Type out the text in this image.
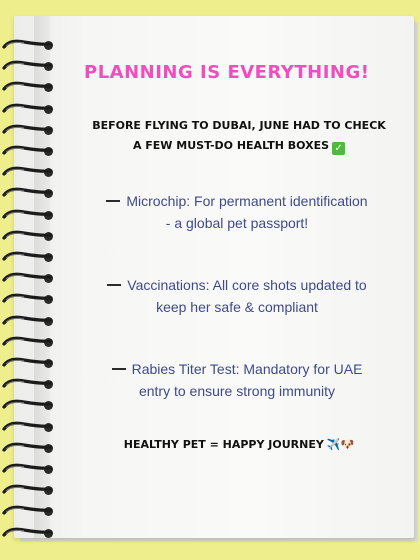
PLANNING IS EVERYTHING!
BEFORE FLYING TO DUBAI, JUNE HAD TO CHECK
A FEW MUST-DO HEALTH BOXES ✓
Microchip: For permanent identification
- a global pet passport!
Vaccinations: All core shots updated to
keep her safe & compliant
Rabies Titer Test: Mandatory for UAE
entry to ensure strong immunity
HEALTHY PET = HAPPY JOURNEY ✈️🐶
